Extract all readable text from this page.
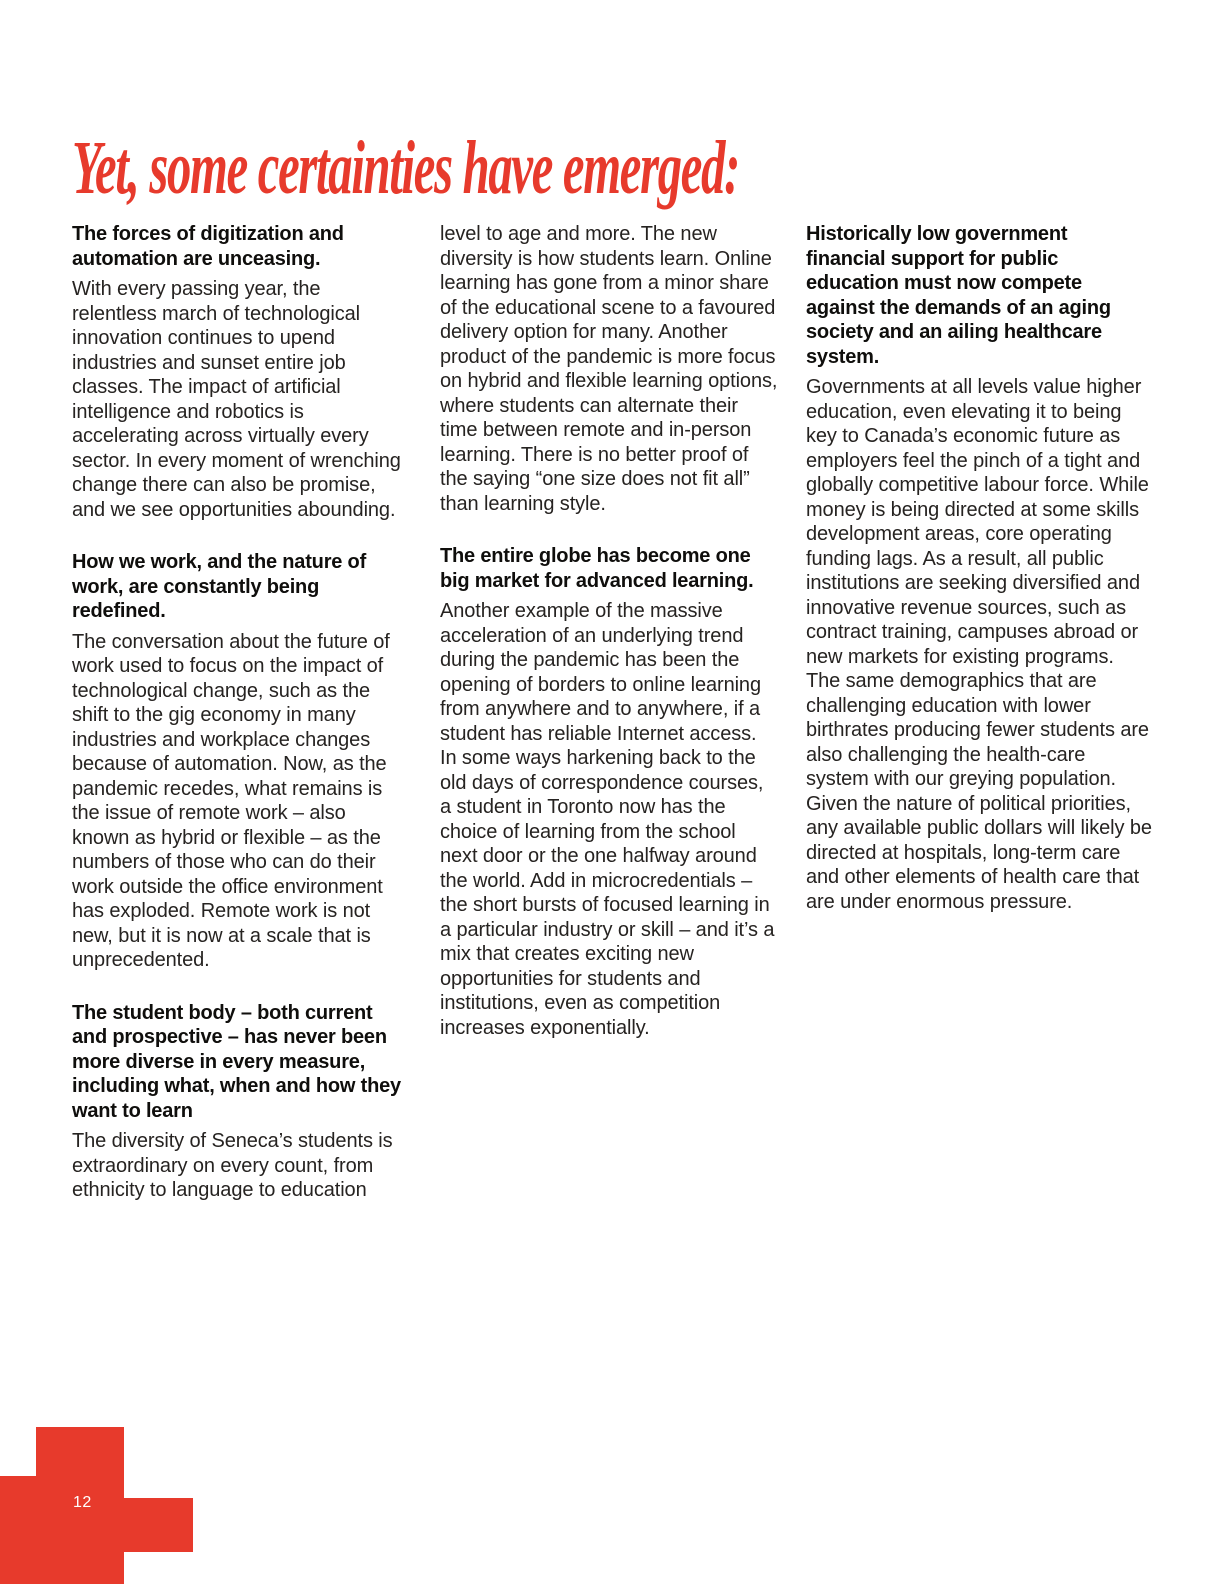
Yet, some certainties have emerged:
The forces of digitization and automation are unceasing.

With every passing year, the relentless march of technological innovation continues to upend industries and sunset entire job classes. The impact of artificial intelligence and robotics is accelerating across virtually every sector. In every moment of wrenching change there can also be promise, and we see opportunities abounding.

How we work, and the nature of work, are constantly being redefined.

The conversation about the future of work used to focus on the impact of technological change, such as the shift to the gig economy in many industries and workplace changes because of automation. Now, as the pandemic recedes, what remains is the issue of remote work – also known as hybrid or flexible – as the numbers of those who can do their work outside the office environment has exploded. Remote work is not new, but it is now at a scale that is unprecedented.

The student body – both current and prospective – has never been more diverse in every measure, including what, when and how they want to learn

The diversity of Seneca’s students is extraordinary on every count, from ethnicity to language to education

level to age and more. The new diversity is how students learn. Online learning has gone from a minor share of the educational scene to a favoured delivery option for many. Another product of the pandemic is more focus on hybrid and flexible learning options, where students can alternate their time between remote and in-person learning. There is no better proof of the saying “one size does not fit all” than learning style.

The entire globe has become one big market for advanced learning.

Another example of the massive acceleration of an underlying trend during the pandemic has been the opening of borders to online learning from anywhere and to anywhere, if a student has reliable Internet access. In some ways harkening back to the old days of correspondence courses, a student in Toronto now has the choice of learning from the school next door or the one halfway around the world. Add in microcredentials – the short bursts of focused learning in a particular industry or skill – and it’s a mix that creates exciting new opportunities for students and institutions, even as competition increases exponentially.

Historically low government financial support for public education must now compete against the demands of an aging society and an ailing healthcare system.

Governments at all levels value higher education, even elevating it to being key to Canada’s economic future as employers feel the pinch of a tight and globally competitive labour force. While money is being directed at some skills development areas, core operating funding lags. As a result, all public institutions are seeking diversified and innovative revenue sources, such as contract training, campuses abroad or new markets for existing programs. The same demographics that are challenging education with lower birthrates producing fewer students are also challenging the health-care system with our greying population. Given the nature of political priorities, any available public dollars will likely be directed at hospitals, long-term care and other elements of health care that are under enormous pressure.

12
